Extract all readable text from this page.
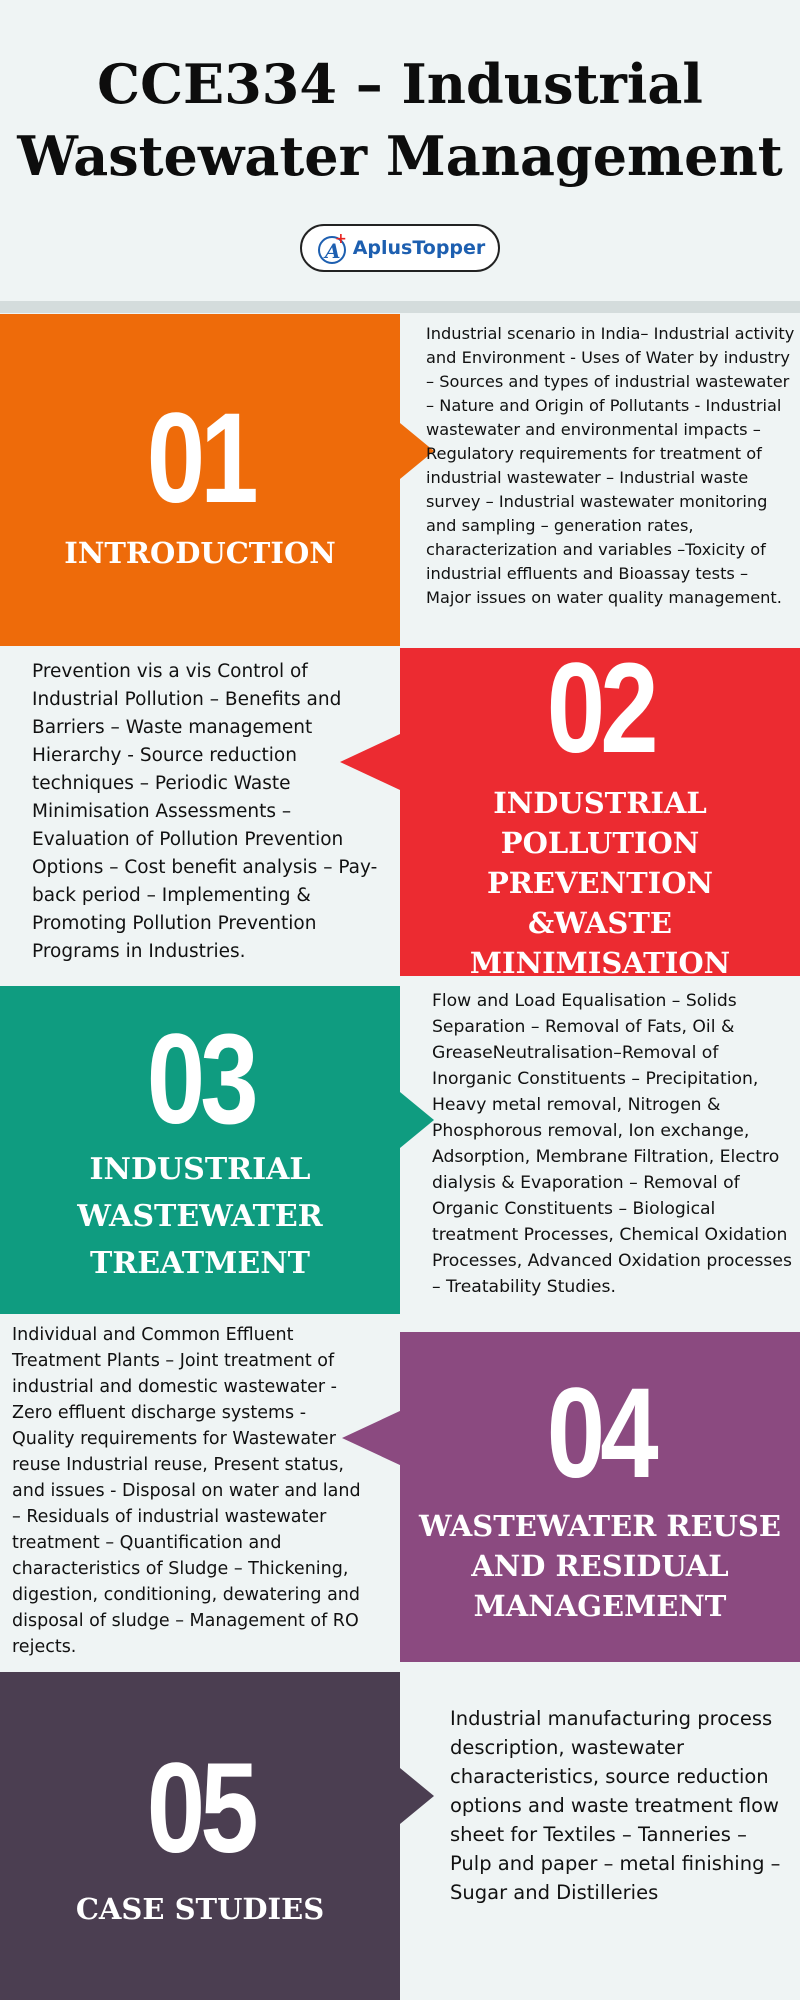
CCE334 – Industrial
Wastewater Management
A
+ AplusTopper
01
INTRODUCTION
Industrial scenario in India– Industrial activity and Environment - Uses of Water by industry – Sources and types of industrial wastewater – Nature and Origin of Pollutants - Industrial wastewater and environmental impacts – Regulatory requirements for treatment of industrial wastewater – Industrial waste survey – Industrial wastewater monitoring and sampling – generation rates, characterization and variables –Toxicity of industrial effluents and Bioassay tests – Major issues on water quality management.
02
INDUSTRIAL POLLUTION PREVENTION &WASTE MINIMISATION
Prevention vis a vis Control of Industrial Pollution – Benefits and Barriers – Waste management Hierarchy - Source reduction techniques – Periodic Waste Minimisation Assessments – Evaluation of Pollution Prevention Options – Cost benefit analysis – Pay-back period – Implementing & Promoting Pollution Prevention Programs in Industries.
03
INDUSTRIAL WASTEWATER TREATMENT
Flow and Load Equalisation – Solids Separation – Removal of Fats, Oil & GreaseNeutralisation–Removal of Inorganic Constituents – Precipitation, Heavy metal removal, Nitrogen & Phosphorous removal, Ion exchange, Adsorption, Membrane Filtration, Electro dialysis & Evaporation – Removal of Organic Constituents – Biological treatment Processes, Chemical Oxidation Processes, Advanced Oxidation processes – Treatability Studies.
04
WASTEWATER REUSE AND RESIDUAL MANAGEMENT
Individual and Common Effluent Treatment Plants – Joint treatment of industrial and domestic wastewater - Zero effluent discharge systems - Quality requirements for Wastewater reuse Industrial reuse, Present status, and issues - Disposal on water and land – Residuals of industrial wastewater treatment – Quantification and characteristics of Sludge – Thickening, digestion, conditioning, dewatering and disposal of sludge – Management of RO rejects.
05
CASE STUDIES
Industrial manufacturing process description, wastewater characteristics, source reduction options and waste treatment flow sheet for Textiles – Tanneries – Pulp and paper – metal finishing –Sugar and Distilleries
